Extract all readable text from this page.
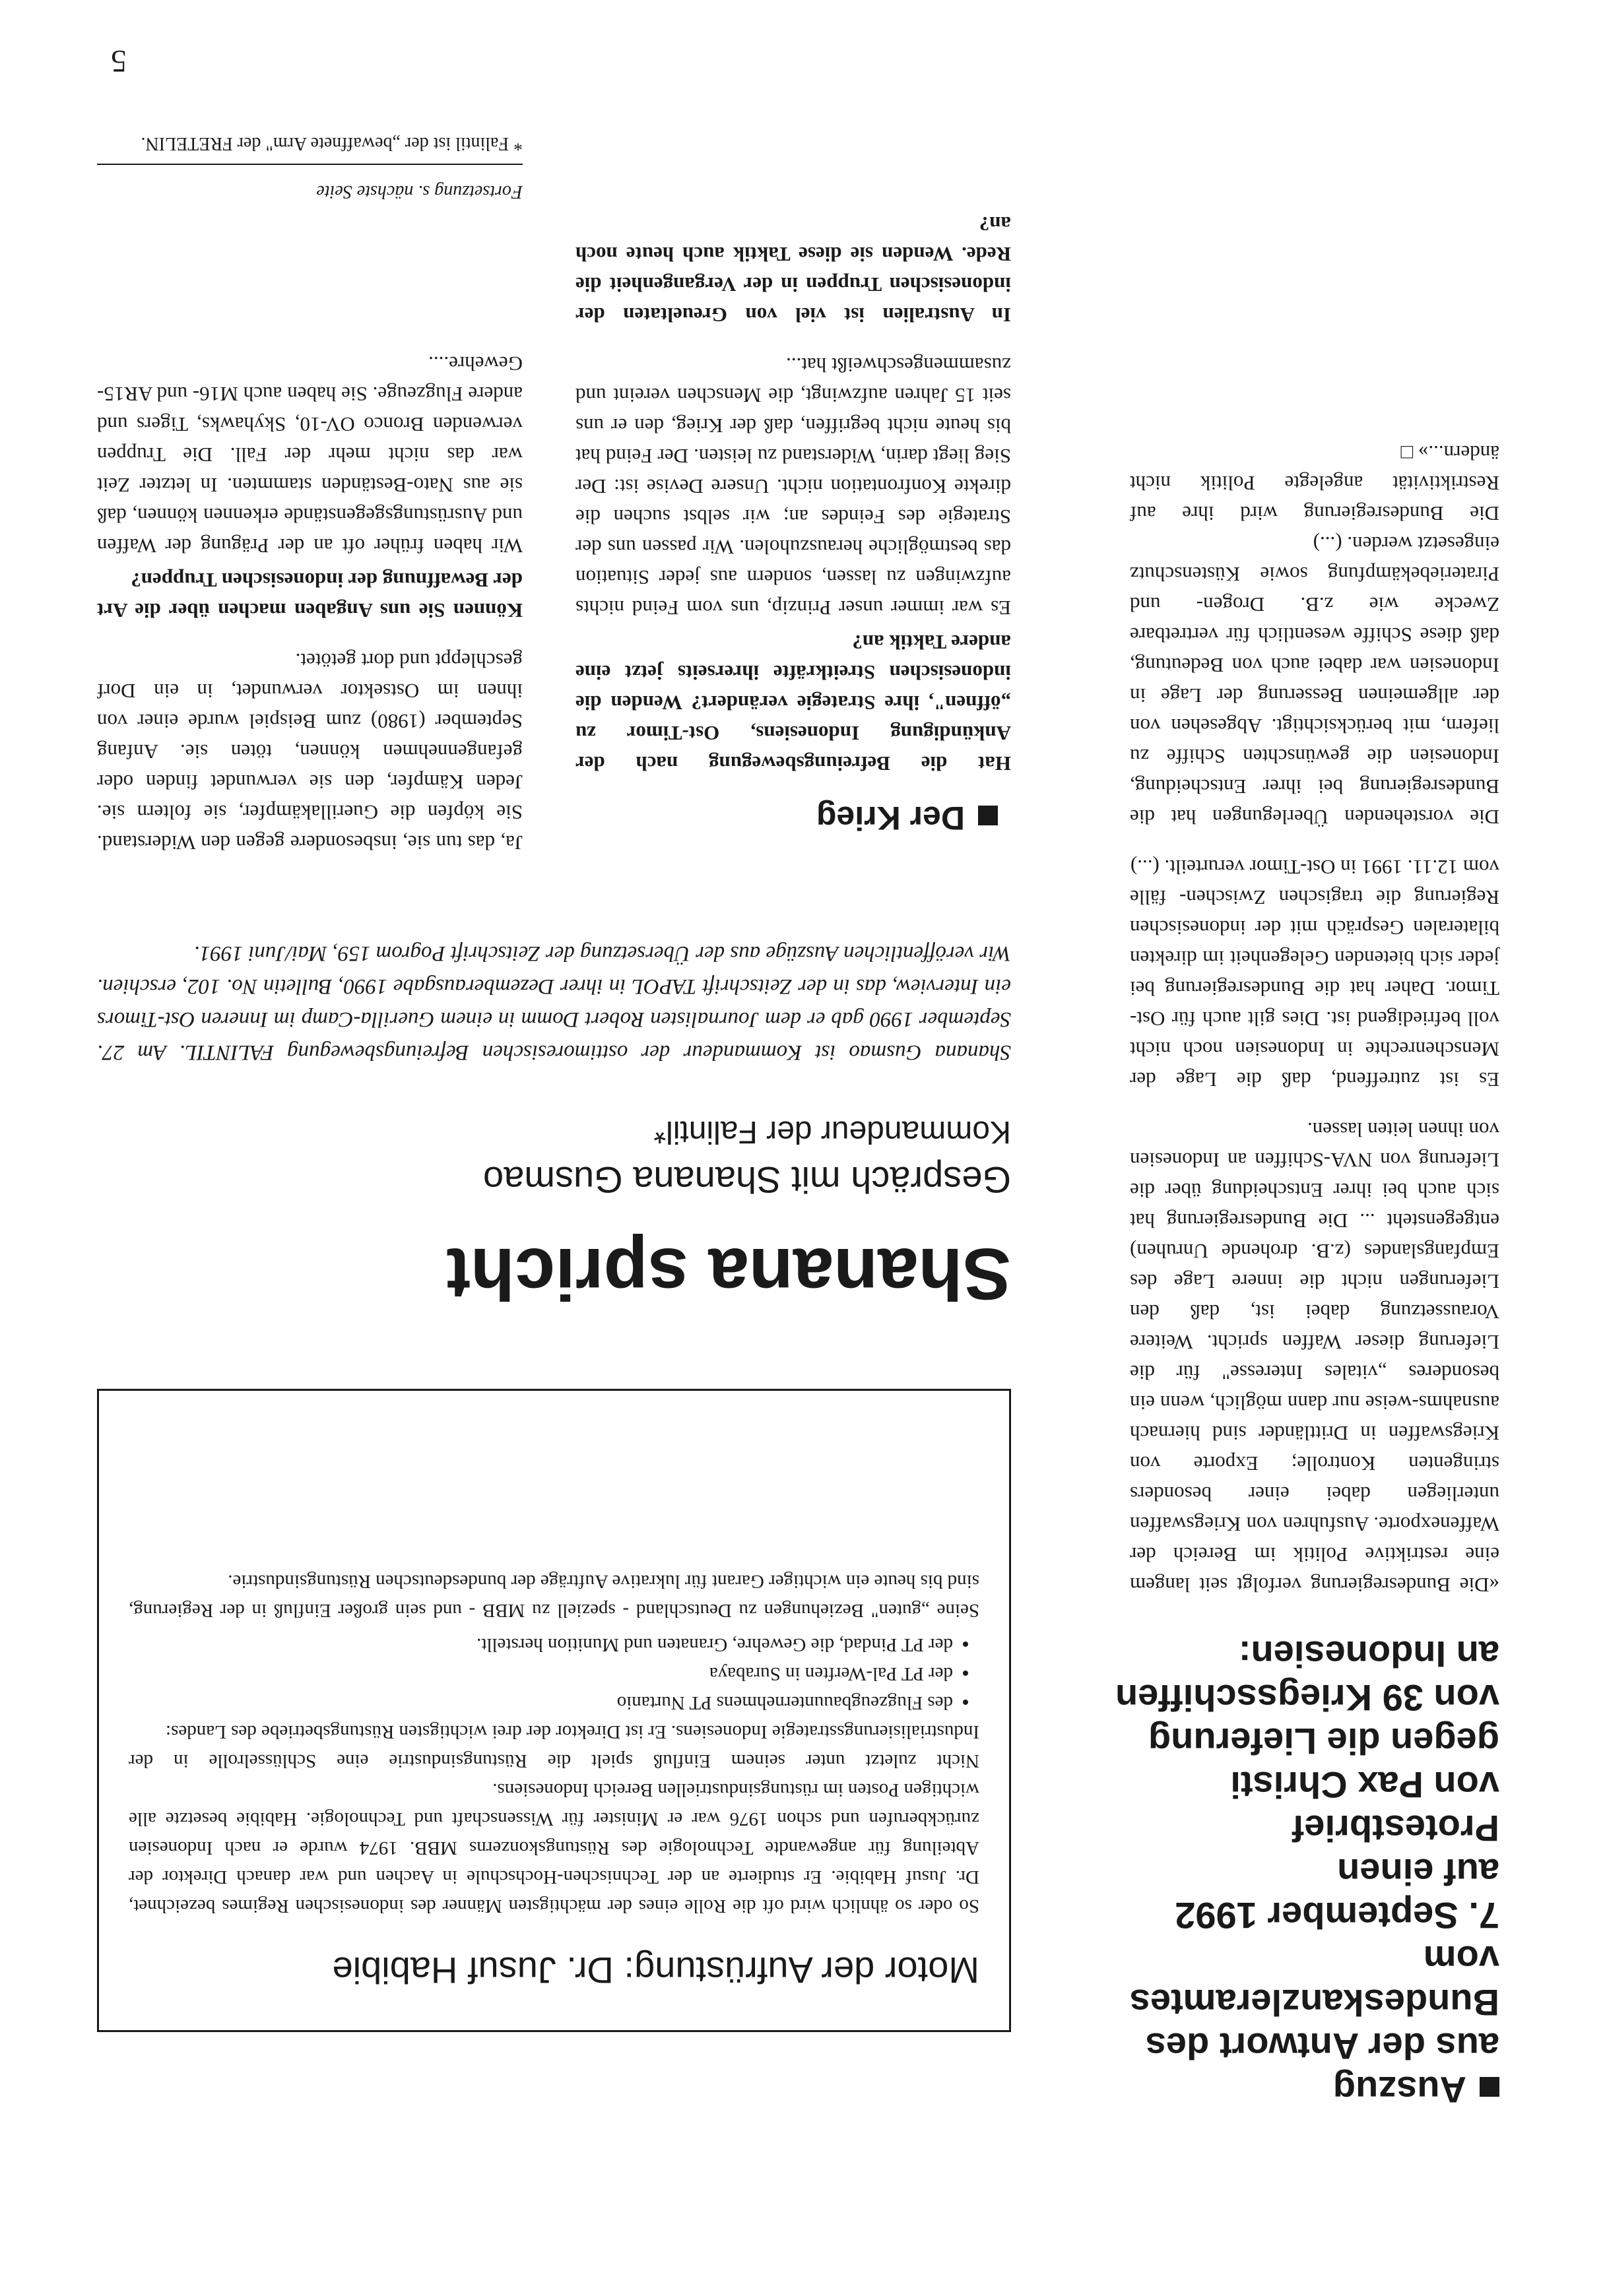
Auszug
aus der Antwort des
Bundeskanzleramtes
vom
7. September 1992
auf einen
Protestbrief
von Pax Christi
gegen die Lieferung
von 39 Kriegsschiffen
an Indonesien:

«Die Bundesregierung verfolgt seit langem eine restriktive Politik im Bereich der Waffenexporte. Ausfuhren von Kriegswaffen unterliegen dabei einer besonders stringenten Kontrolle; Exporte von Kriegswaffen in Drittländer sind hiernach ausnahms-weise nur dann möglich, wenn ein besonderes „vitales Interesse" für die Lieferung dieser Waffen spricht. Weitere Voraussetzung dabei ist, daß den Lieferungen nicht die innere Lage des Empfangslandes (z.B. drohende Unruhen) entgegensteht ... Die Bundesregierung hat sich auch bei ihrer Entscheidung über die Lieferung von NVA-Schiffen an Indonesien von ihnen leiten lassen.

Es ist zutreffend, daß die Lage der Menschenrechte in Indonesien noch nicht voll befriedigend ist. Dies gilt auch für Ost-Timor. Daher hat die Bundesregierung bei jeder sich bietenden Gelegenheit im direkten bilateralen Gespräch mit der indonesischen Regierung die tragischen Zwischen- fälle vom 12.11. 1991 in Ost-Timor verurteilt. (...)

Die vorstehenden Überlegungen hat die Bundesregierung bei ihrer Entscheidung, Indonesien die gewünschten Schiffe zu liefern, mit berücksichtigt. Abgesehen von der allgemeinen Besserung der Lage in Indonesien war dabei auch von Bedeutung, daß diese Schiffe wesentlich für vertretbare Zwecke wie z.B. Drogen- und Pirateriebekämpfung sowie Küstenschutz eingesetzt werden. (...)

Die Bundesregierung wird ihre auf Restriktivität angelegte Politik nicht ändern...» □

Motor der Aufrüstung: Dr. Jusuf Habibie

So oder so ähnlich wird oft die Rolle eines der mächtigsten Männer des indonesischen Regimes bezeichnet, Dr. Jusuf Habibie. Er studierte an der Technischen-Hochschule in Aachen und war danach Direktor der Abteilung für angewandte Technologie des Rüstungskonzerns MBB. 1974 wurde er nach Indonesien zurückberufen und schon 1976 war er Minister für Wissenschaft und Technologie. Habibie besetzte alle wichtigen Posten im rüstungsindustriellen Bereich Indonesiens.

Nicht zuletzt unter seinem Einfluß spielt die Rüstungsindustrie eine Schlüsselrolle in der Industrialisierungsstrategie Indonesiens. Er ist Direktor der drei wichtigsten Rüstungsbetriebe des Landes:

• des Flugzeugbauunternehmens PT Nurtanio
• der PT Pal-Werften in Surabaya
• der PT Pindad, die Gewehre, Granaten und Munition herstellt.

Seine „guten" Beziehungen zu Deutschland - speziell zu MBB - und sein großer Einfluß in der Regierung, sind bis heute ein wichtiger Garant für lukrative Aufträge der bundesdeutschen Rüstungsindustrie.

Shanana spricht
Gespräch mit Shanana Gusmao
Kommandeur der Falintil*
Shanana Gusmao ist Kommandeur der osttimoresischen Befreiungsbewegung FALINTIL. Am 27. September 1990 gab er dem Journalisten Robert Domm in einem Guerilla-Camp im Inneren Ost-Timors ein Interview, das in der Zeitschrift TAPOL in ihrer Dezemberausgabe 1990, Bulletin No. 102, erschien. Wir veröffentlichen Auszüge aus der Übersetzung der Zeitschrift Pogrom 159, Mai/Juni 1991.
Der Krieg
Hat die Befreiungsbewegung nach der Ankündigung Indonesiens, Ost-Timor zu „öffnen", ihre Strategie verändert? Wenden die indonesischen Streitkräfte ihrerseits jetzt eine andere Taktik an?

Es war immer unser Prinzip, uns vom Feind nichts aufzwingen zu lassen, sondern aus jeder Situation das bestmögliche herauszuholen. Wir passen uns der Strategie des Feindes an; wir selbst suchen die direkte Konfrontation nicht. Unsere Devise ist: Der Sieg liegt darin, Widerstand zu leisten. Der Feind hat bis heute nicht begriffen, daß der Krieg, den er uns seit 15 Jahren aufzwingt, die Menschen vereint und zusammengeschweißt hat...

In Australien ist viel von Greueltaten der indonesischen Truppen in der Vergangenheit die Rede. Wenden sie diese Taktik auch heute noch an?

Ja, das tun sie, insbesondere gegen den Widerstand. Sie köpfen die Guerillakämpfer, sie foltern sie. Jeden Kämpfer, den sie verwundet finden oder gefangennehmen können, töten sie. Anfang September (1980) zum Beispiel wurde einer von ihnen im Ostsektor verwundet, in ein Dorf geschleppt und dort getötet.

Können Sie uns Angaben machen über die Art der Bewaffnung der indonesischen Truppen?

Wir haben früher oft an der Prägung der Waffen und Ausrüstungsgegenstände erkennen können, daß sie aus Nato-Beständen stammten. In letzter Zeit war das nicht mehr der Fall. Die Truppen verwenden Bronco OV-10, Skyhawks, Tigers und andere Flugzeuge. Sie haben auch M16- und AR15-Gewehre....

Fortsetzung s. nächste Seite
* Falintil ist der „bewaffnete Arm" der FRETELIN.
5
